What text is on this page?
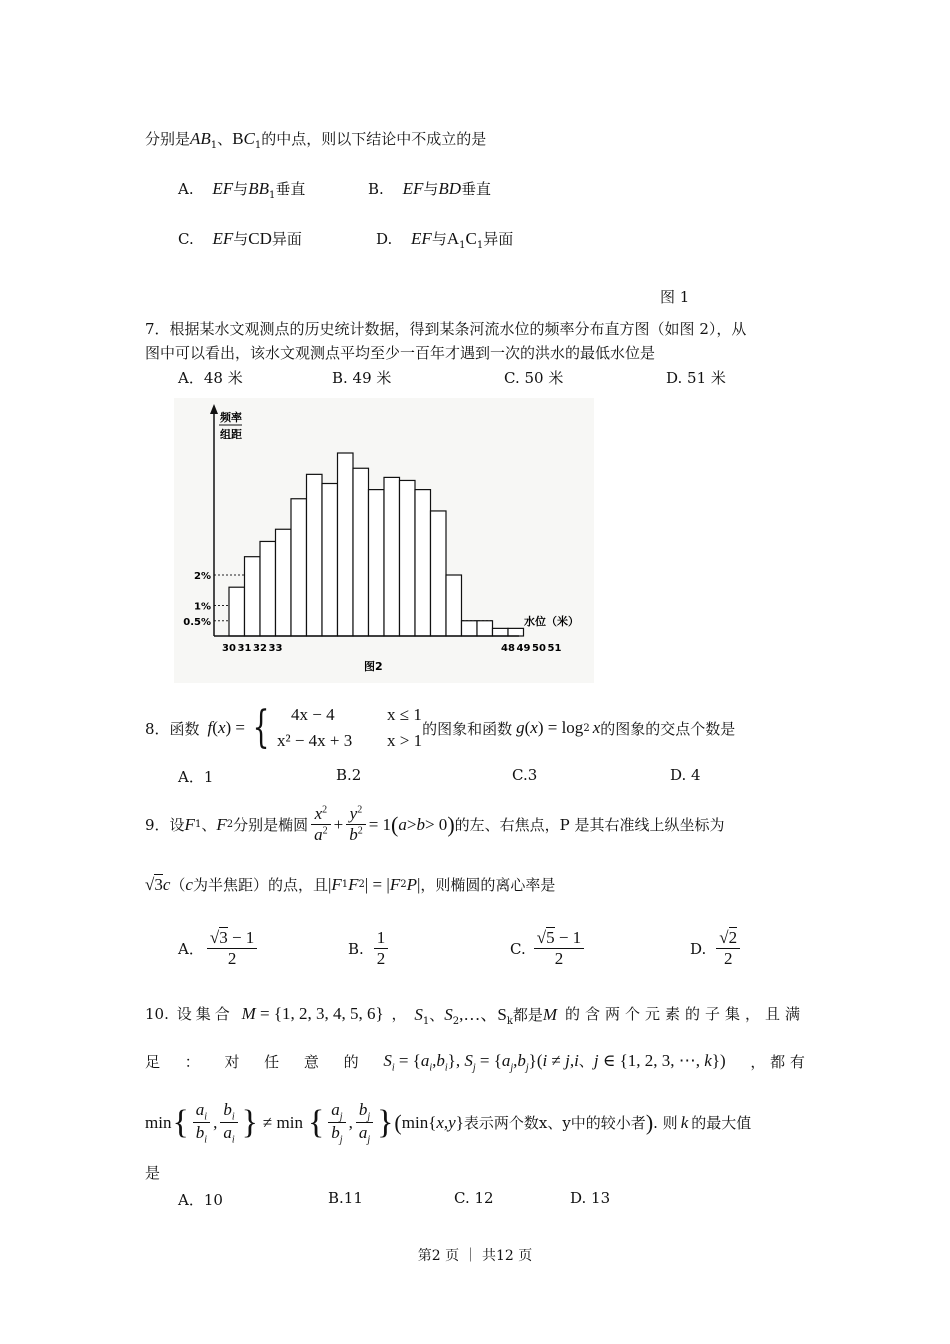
分别是$AB_1$、$BC_1$的中点，则以下结论中不成立的是
A. EF与$BB_1$垂直	B. EF与BD垂直
C. EF与CD异面	D. EF与$A_1C_1$异面
图 1
7．根据某水文观测点的历史统计数据，得到某条河流水位的频率分布直方图（如图 2），从
图中可以看出，该水文观测点平均至少一百年才遇到一次的洪水的最低水位是
A．48 米	B. 49 米	C. 50 米	D. 51 米
频率
组距
2%
1%
0.5%
30 31 32 33	48 49 50 51
水位（米）
图2
8．函数 f ( x ) = {	4x − 4	x ≤ 1
x² − 4x + 3 x > 1
的图象和函数 g ( x ) = log 2 x 的图象的交点个数是
A．1	B.2	C.3	D. 4
9．设 F 1 、 F 2 分别是椭圆 $\frac{x^2}{a^2} + \frac{y^2}{b^2} = 1$ ( a > b > 0 ) 的左、右焦点，P 是其右准线上纵坐标为
√ 3 c （ c 为半焦距）的点，且 | F 1 F 2 | = | F 2 P | ，则椭圆的离心率是
A． $\frac{√3 - 1}{2}$	B. $\frac{1}{2}$	C. $\frac{√5 - 1}{2}$	D. $\frac{√2}{2}$
10. 设集合 M = {1, 2, 3, 4, 5, 6} ， $S_1$、$S_2,\dots$、$S_k$都是M 的含两个元素的子集，且满
足 ： 对 任 意 的 $S_i = \{a_i,b_i\}$, $S_j = \{a_j,b_j\}(i \ne j,i$、j ∈ {1, 2, 3, ⋯, k}) ， 都 有
min { $\frac{a_i}{b_i}$ , $\frac{b_i}{a_i}$ } ≠ min { $\frac{a_j}{b_j}$ , $\frac{b_j}{a_j}$ } ( min{ x , y } 表示两个数x、y中的较小者 ) . 则 k 的最大值
是
A．10	B.11	C. 12	D. 13
第2 页 ｜ 共12 页
